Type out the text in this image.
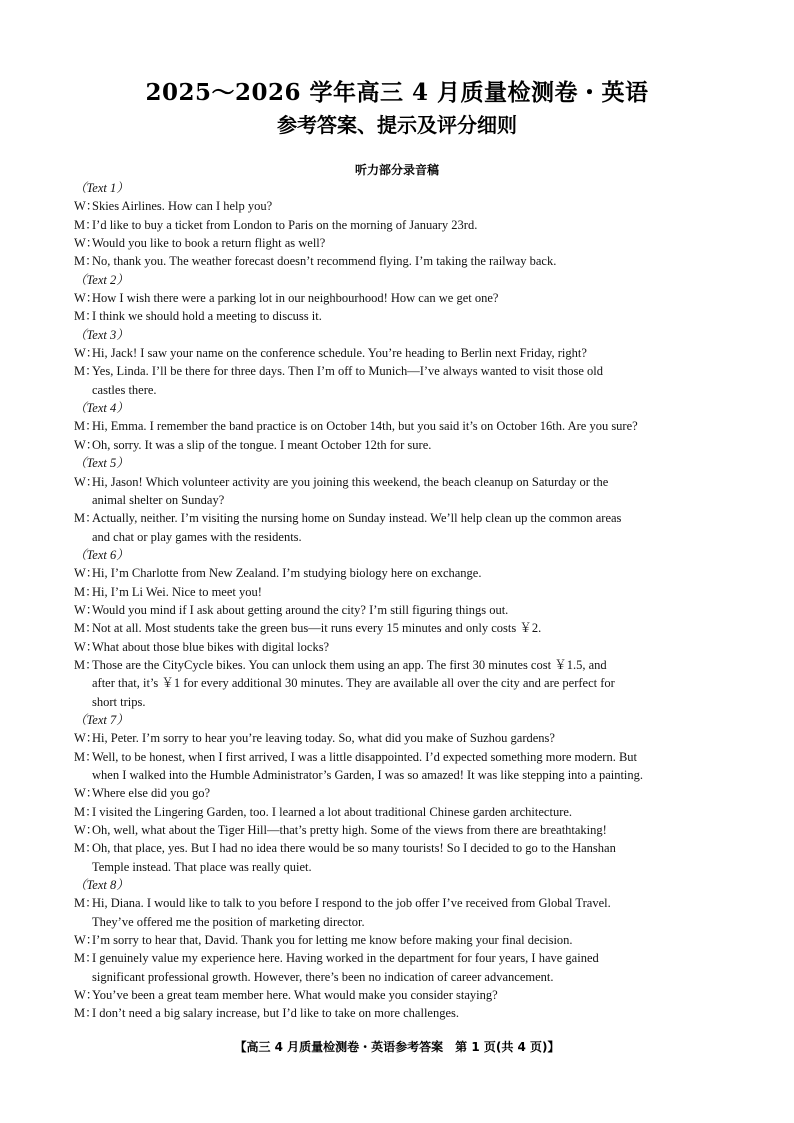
2025～2026 学年高三 4 月质量检测卷・英语
参考答案、提示及评分细则
听力部分录音稿
（Text 1）
W：
Skies Airlines. How can I help you?
M：
I’d like to buy a ticket from London to Paris on the morning of January 23rd.
W：
Would you like to book a return flight as well?
M：
No, thank you. The weather forecast doesn’t recommend flying. I’m taking the railway back.
（Text 2）
W：
How I wish there were a parking lot in our neighbourhood! How can we get one?
M：
I think we should hold a meeting to discuss it.
（Text 3）
W：
Hi, Jack! I saw your name on the conference schedule. You’re heading to Berlin next Friday, right?
M：
Yes, Linda. I’ll be there for three days. Then I’m off to Munich—I’ve always wanted to visit those old
castles there.
（Text 4）
M：
Hi, Emma. I remember the band practice is on October 14th, but you said it’s on October 16th. Are you sure?
W：
Oh, sorry. It was a slip of the tongue. I meant October 12th for sure.
（Text 5）
W：
Hi, Jason! Which volunteer activity are you joining this weekend, the beach cleanup on Saturday or the
animal shelter on Sunday?
M：
Actually, neither. I’m visiting the nursing home on Sunday instead. We’ll help clean up the common areas
and chat or play games with the residents.
（Text 6）
W：
Hi, I’m Charlotte from New Zealand. I’m studying biology here on exchange.
M：
Hi, I’m Li Wei. Nice to meet you!
W：
Would you mind if I ask about getting around the city? I’m still figuring things out.
M：
Not at all. Most students take the green bus—it runs every 15 minutes and only costs ￥2.
W：
What about those blue bikes with digital locks?
M：
Those are the CityCycle bikes. You can unlock them using an app. The first 30 minutes cost ￥1.5, and
after that, it’s ￥1 for every additional 30 minutes. They are available all over the city and are perfect for
short trips.
（Text 7）
W：
Hi, Peter. I’m sorry to hear you’re leaving today. So, what did you make of Suzhou gardens?
M：
Well, to be honest, when I first arrived, I was a little disappointed. I’d expected something more modern. But
when I walked into the Humble Administrator’s Garden, I was so amazed! It was like stepping into a painting.
W：
Where else did you go?
M：
I visited the Lingering Garden, too. I learned a lot about traditional Chinese garden architecture.
W：
Oh, well, what about the Tiger Hill—that’s pretty high. Some of the views from there are breathtaking!
M：
Oh, that place, yes. But I had no idea there would be so many tourists! So I decided to go to the Hanshan
Temple instead. That place was really quiet.
（Text 8）
M：
Hi, Diana. I would like to talk to you before I respond to the job offer I’ve received from Global Travel.
They’ve offered me the position of marketing director.
W：
I’m sorry to hear that, David. Thank you for letting me know before making your final decision.
M：
I genuinely value my experience here. Having worked in the department for four years, I have gained
significant professional growth. However, there’s been no indication of career advancement.
W：
You’ve been a great team member here. What would make you consider staying?
M：
I don’t need a big salary increase, but I’d like to take on more challenges.
【高三 4 月质量检测卷・英语参考答案　第 1 页(共 4 页)】
